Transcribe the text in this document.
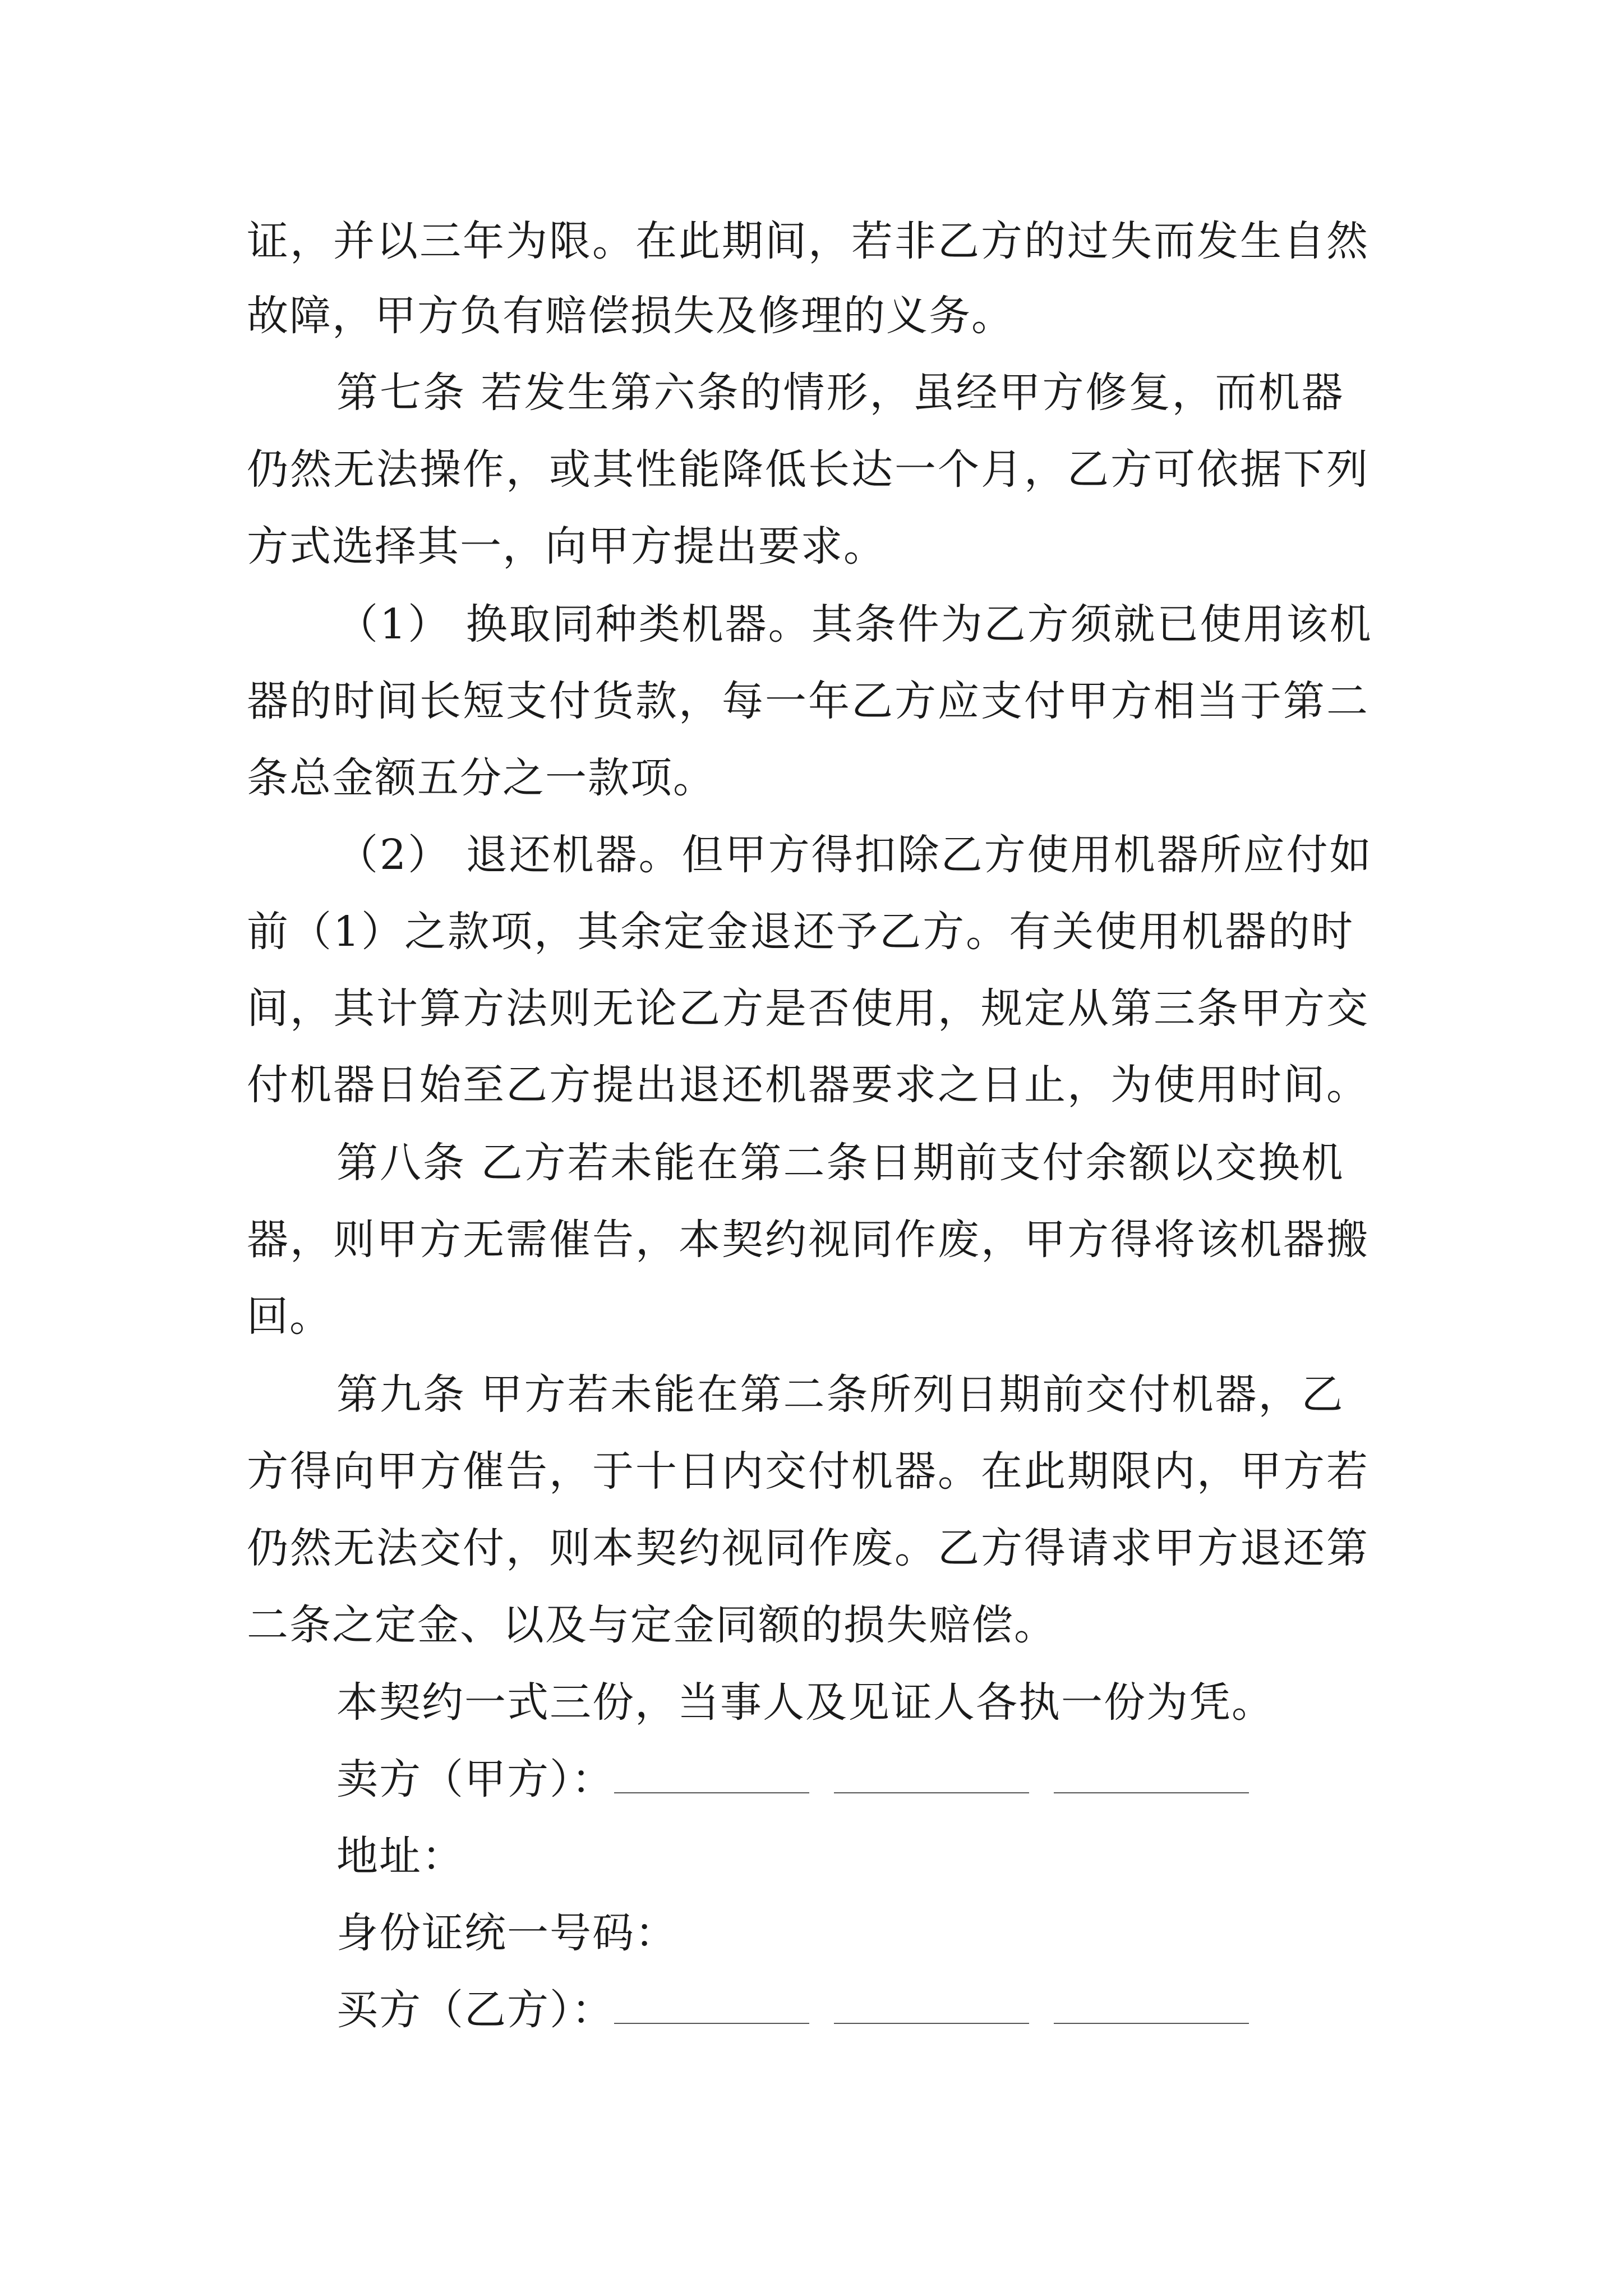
证，并以三年为限。在此期间，若非乙方的过失而发生自然
故障，甲方负有赔偿损失及修理的义务。
第七条 若发生第六条的情形，虽经甲方修复，而机器
仍然无法操作，或其性能降低长达一个月，乙方可依据下列
方式选择其一，向甲方提出要求。
（1） 换取同种类机器。其条件为乙方须就已使用该机
器的时间长短支付货款，每一年乙方应支付甲方相当于第二
条总金额五分之一款项。
（2） 退还机器。但甲方得扣除乙方使用机器所应付如
前（1）之款项，其余定金退还予乙方。有关使用机器的时
间，其计算方法则无论乙方是否使用，规定从第三条甲方交
付机器日始至乙方提出退还机器要求之日止，为使用时间。
第八条 乙方若未能在第二条日期前支付余额以交换机
器，则甲方无需催告，本契约视同作废，甲方得将该机器搬
回。
第九条 甲方若未能在第二条所列日期前交付机器，乙
方得向甲方催告，于十日内交付机器。在此期限内，甲方若
仍然无法交付，则本契约视同作废。乙方得请求甲方退还第
二条之定金、以及与定金同额的损失赔偿。
本契约一式三份，当事人及见证人各执一份为凭。
卖方（甲方）：
地址：
身份证统一号码：
买方（乙方）：
